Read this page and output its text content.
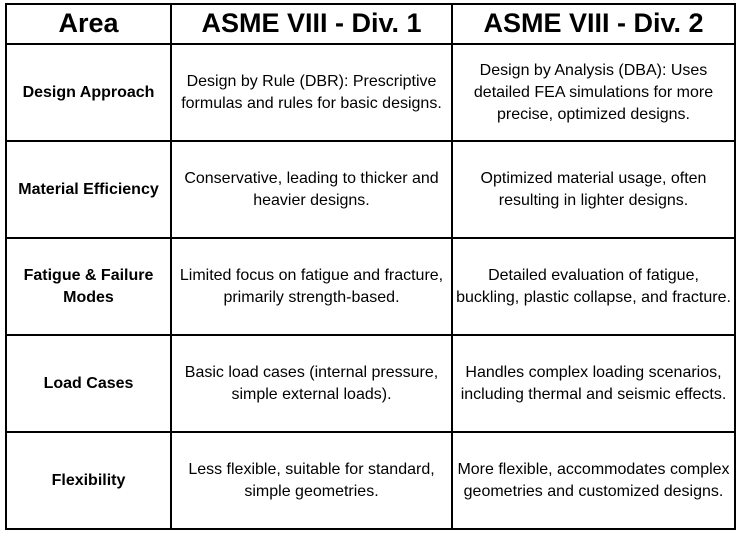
Area	ASME VIII - Div. 1	ASME VIII - Div. 2
Design Approach	Design by Rule (DBR): Prescriptive formulas and rules for basic designs.	Design by Analysis (DBA): Uses detailed FEA simulations for more precise, optimized designs.
Material Efficiency	Conservative, leading to thicker and heavier designs.	Optimized material usage, often resulting in lighter designs.
Fatigue & Failure Modes	Limited focus on fatigue and fracture, primarily strength-based.	Detailed evaluation of fatigue, buckling, plastic collapse, and fracture.
Load Cases	Basic load cases (internal pressure, simple external loads).	Handles complex loading scenarios, including thermal and seismic effects.
Flexibility	Less flexible, suitable for standard, simple geometries.	More flexible, accommodates complex geometries and customized designs.
